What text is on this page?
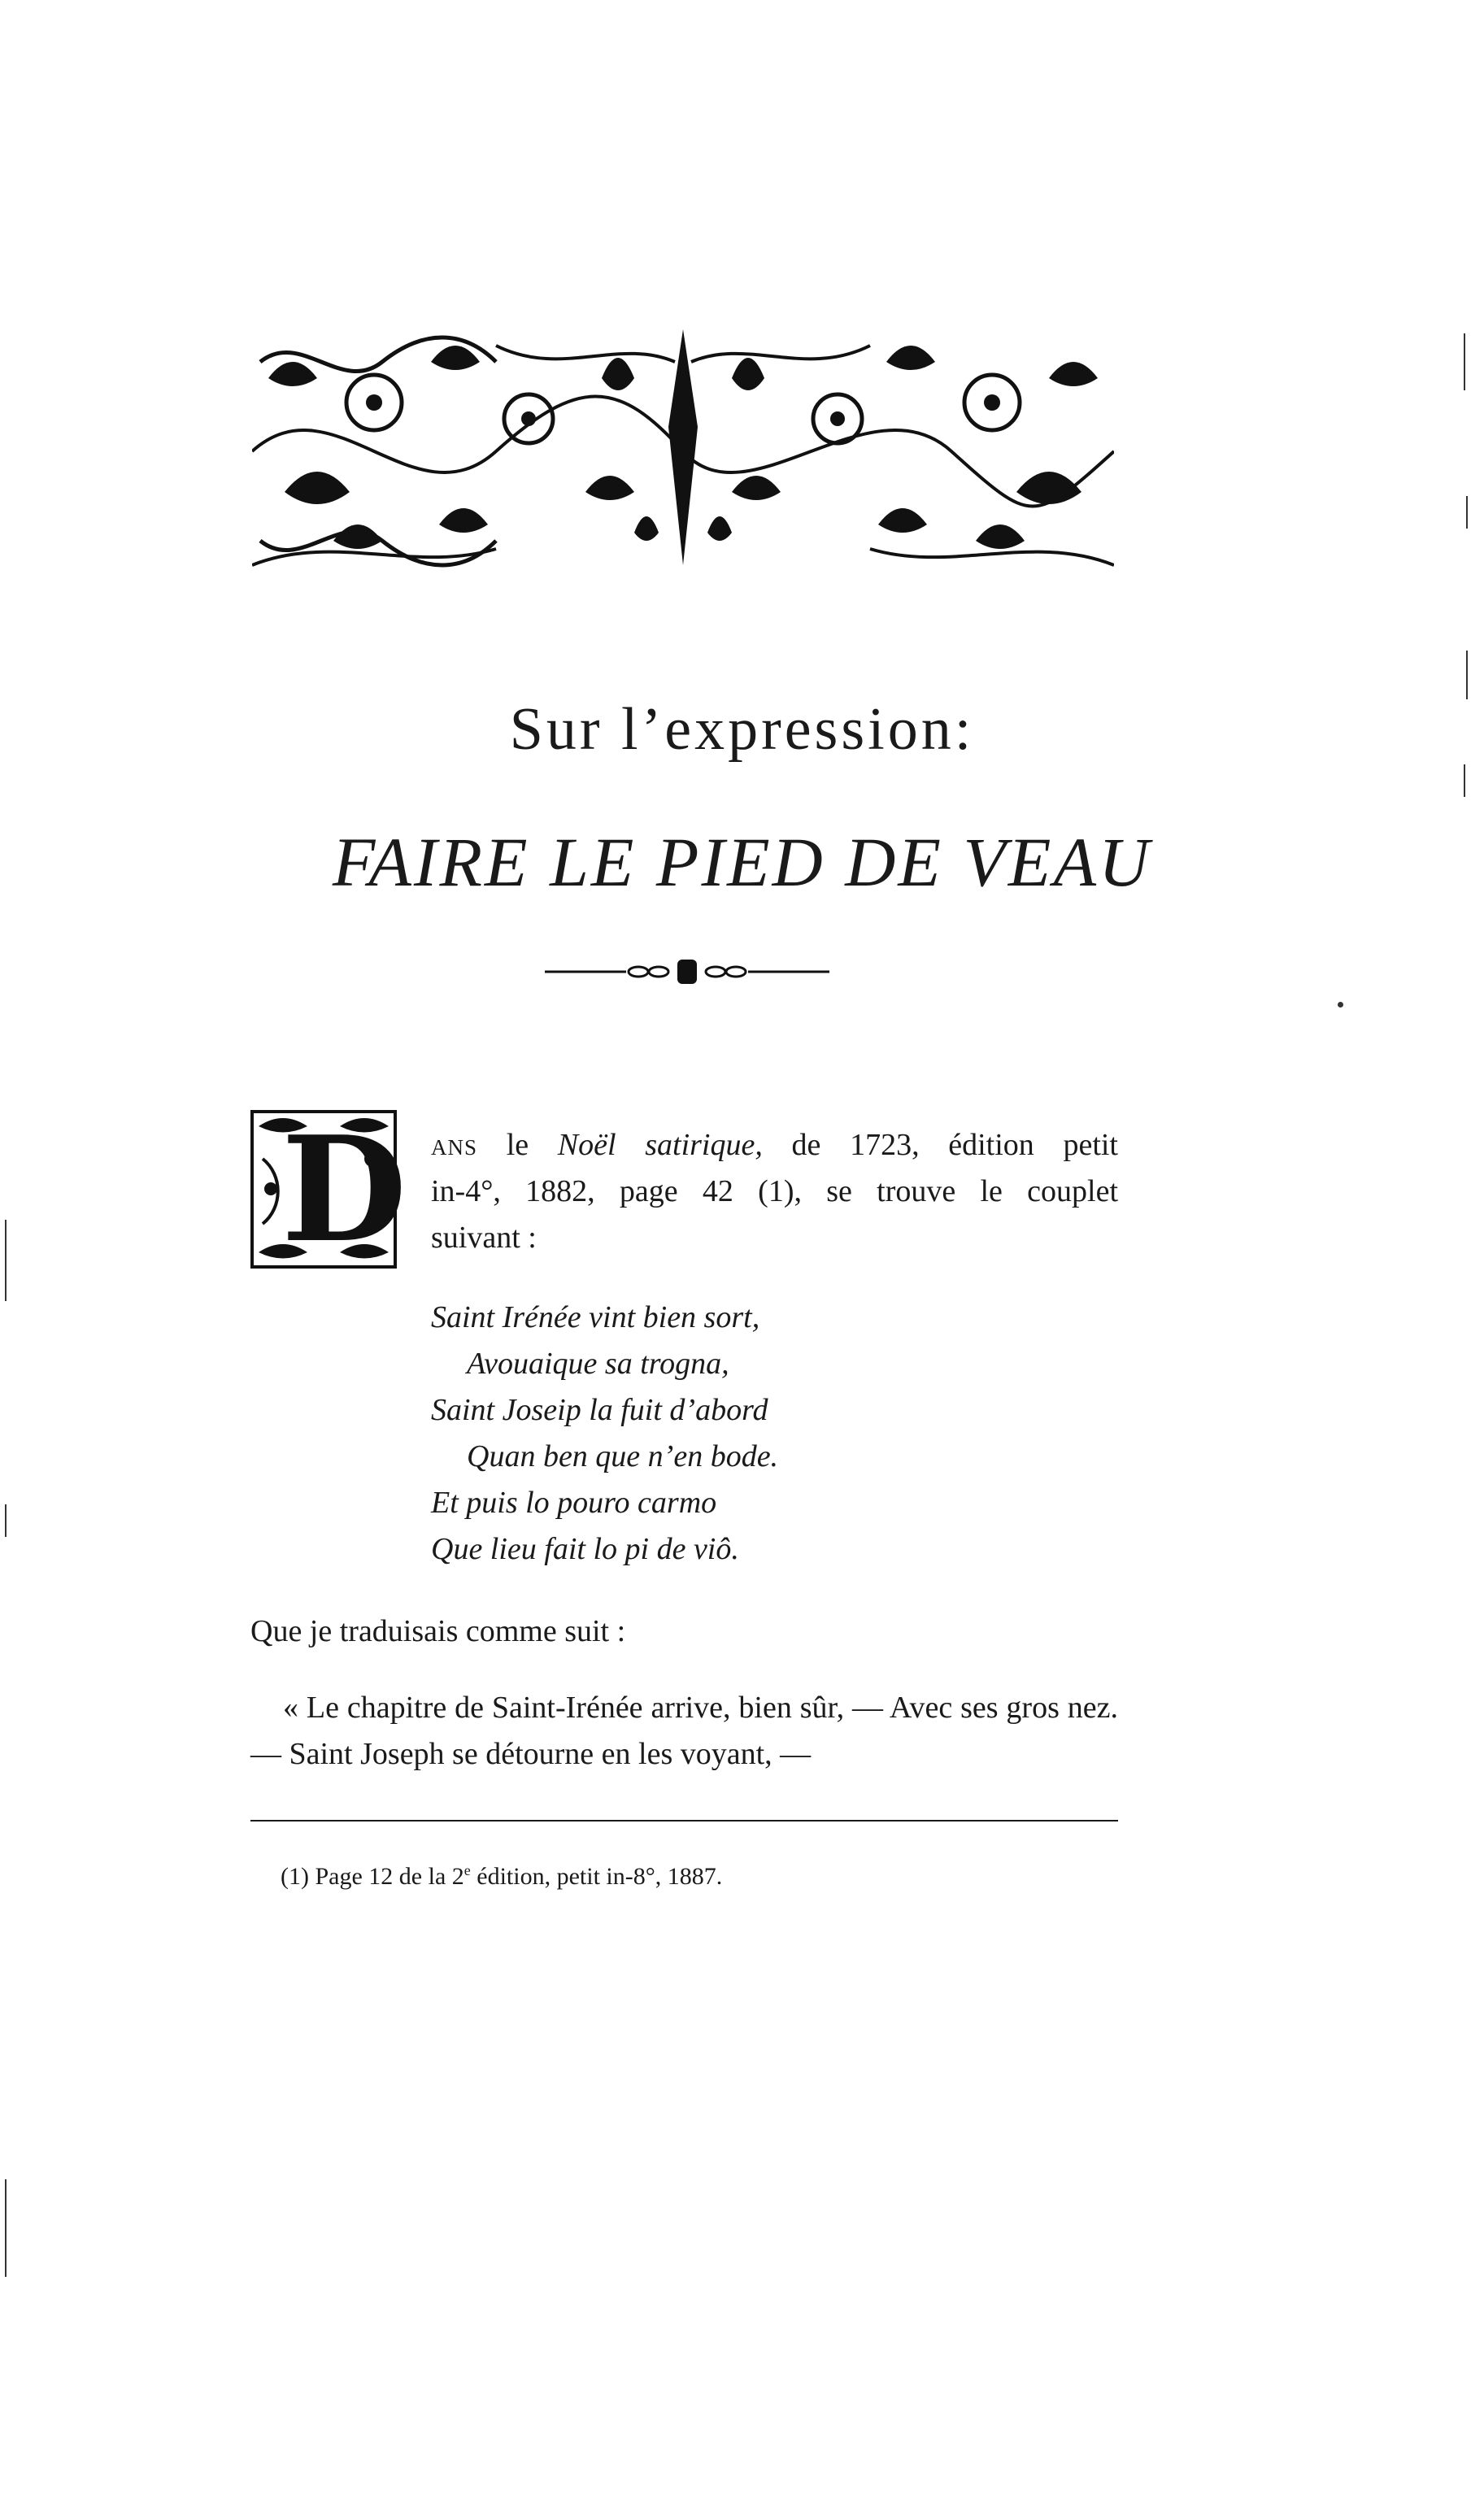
Sur l’expression:
FAIRE LE PIED DE VEAU
D ans le Noël satirique, de 1723, édition petit
in-4°, 1882, page 42 (1), se trouve le couplet
suivant :
Saint Irénée vint bien sort,
Avouaique sa trogna,
Saint Joseip la fuit d’abord
Quan ben que n’en bode.
Et puis lo pouro carmo
Que lieu fait lo pi de viô.
Que je traduisais comme suit :
« Le chapitre de Saint-Irénée arrive, bien sûr, — Avec ses gros nez. — Saint Joseph se détourne en les voyant, —
(1) Page 12 de la 2e édition, petit in-8°, 1887.
